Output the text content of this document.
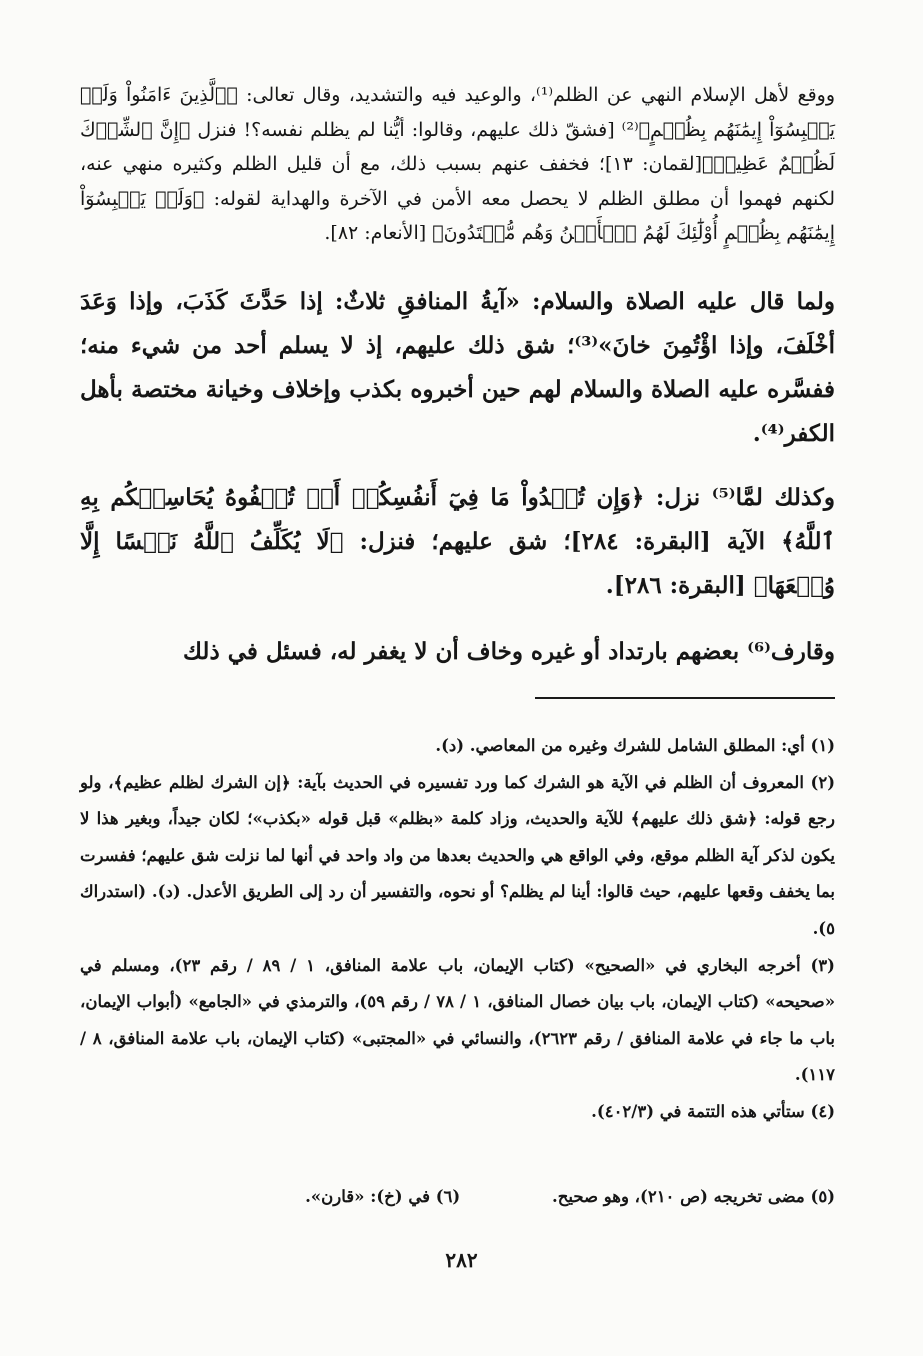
ووقع لأهل الإسلام النهي عن الظلم⁽¹⁾، والوعيد فيه والتشديد، وقال تعالى: ﴿ٱلَّذِينَ ءَامَنُواْ وَلَمۡ يَلۡبِسُوٓاْ إِيمَٰنَهُم بِظُلۡمٍ﴾⁽²⁾ [فشقّ ذلك عليهم، وقالوا: أيُّنا لم يظلم نفسه؟! فنزل ﴿إِنَّ ٱلشِّرۡكَ لَظُلۡمٌ عَظِيمٞ﴾[لقمان: ١٣]؛ فخفف عنهم بسبب ذلك، مع أن قليل الظلم وكثيره منهي عنه، لكنهم فهموا أن مطلق الظلم لا يحصل معه الأمن في الآخرة والهداية لقوله: ﴿وَلَمۡ يَلۡبِسُوٓاْ إِيمَٰنَهُم بِظُلۡمٍ أُوْلَٰٓئِكَ لَهُمُ ٱلۡأَمۡنُ وَهُم مُّهۡتَدُونَ﴾ [الأنعام: ٨٢].

ولما قال عليه الصلاة والسلام: «آيةُ المنافقِ ثلاثٌ: إذا حَدَّثَ كَذَبَ، وإذا وَعَدَ أخْلَفَ، وإذا اؤْتُمِنَ خانَ»⁽³⁾؛ شق ذلك عليهم، إذ لا يسلم أحد من شيء منه؛ ففسَّره عليه الصلاة والسلام لهم حين أخبروه بكذب وإخلاف وخيانة مختصة بأهل الكفر⁽⁴⁾.

وكذلك لمَّا⁽⁵⁾ نزل: ﴿وَإِن تُبۡدُواْ مَا فِيٓ أَنفُسِكُمۡ أَوۡ تُخۡفُوهُ يُحَاسِبۡكُم بِهِ ٱللَّهُ﴾ الآية [البقرة: ٢٨٤]؛ شق عليهم؛ فنزل: ﴿لَا يُكَلِّفُ ٱللَّهُ نَفۡسًا إِلَّا وُسۡعَهَا﴾ [البقرة: ٢٨٦].

وقارف⁽⁶⁾ بعضهم بارتداد أو غيره وخاف أن لا يغفر له، فسئل في ذلك

(١) أي: المطلق الشامل للشرك وغيره من المعاصي. (د).

(٢) المعروف أن الظلم في الآية هو الشرك كما ورد تفسيره في الحديث بآية: ﴿إن الشرك لظلم عظيم﴾، ولو رجع قوله: ﴿شق ذلك عليهم﴾ للآية والحديث، وزاد كلمة «بظلم» قبل قوله «بكذب»؛ لكان جيداً، وبغير هذا لا يكون لذكر آية الظلم موقع، وفي الواقع هي والحديث بعدها من واد واحد في أنها لما نزلت شق عليهم؛ ففسرت بما يخفف وقعها عليهم، حيث قالوا: أينا لم يظلم؟ أو نحوه، والتفسير أن رد إلى الطريق الأعدل. (د). (استدراك ٥).

(٣) أخرجه البخاري في «الصحيح» (كتاب الإيمان، باب علامة المنافق، ١ / ٨٩ / رقم ٢٣)، ومسلم في «صحيحه» (كتاب الإيمان، باب بيان خصال المنافق، ١ / ٧٨ / رقم ٥٩)، والترمذي في «الجامع» (أبواب الإيمان، باب ما جاء في علامة المنافق / رقم ٢٦٢٣)، والنسائي في «المجتبى» (كتاب الإيمان، باب علامة المنافق، ٨ / ١١٧).

(٤) ستأتي هذه التتمة في (٤٠٢/٣).

(٥) مضى تخريجه (ص ٢١٠)، وهو صحيح. (٦) في (خ): «قارن».
٢٨٢
